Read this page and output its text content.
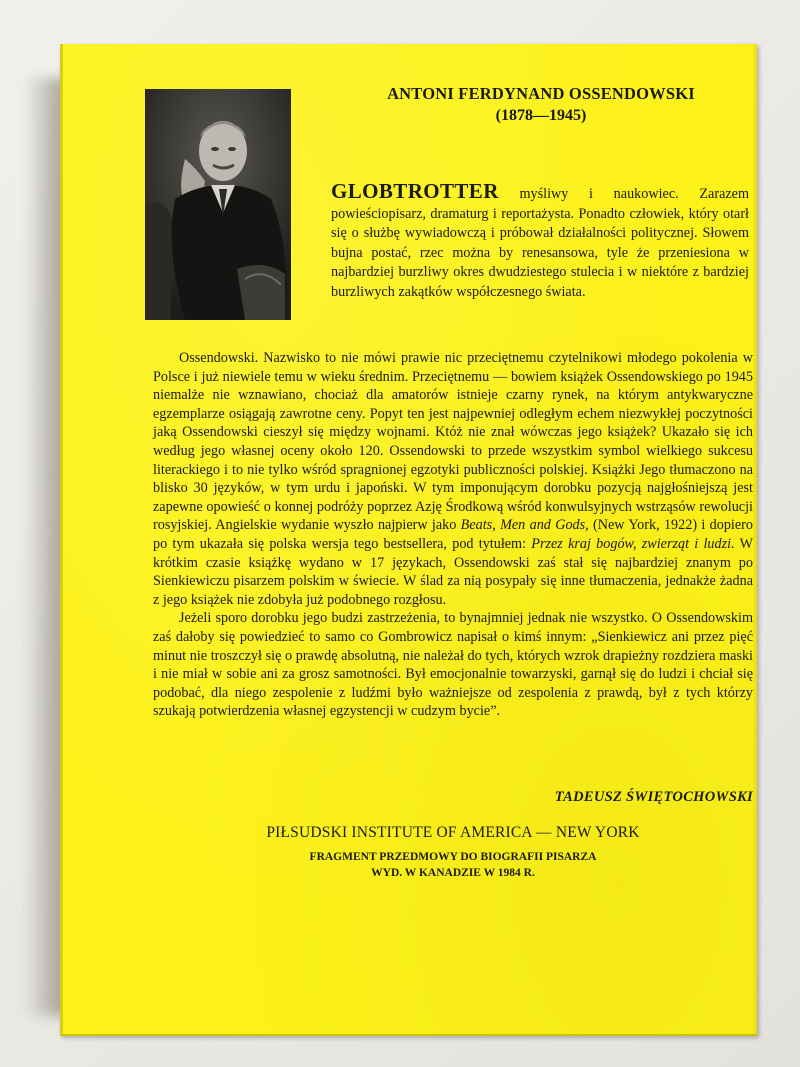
ANTONI FERDYNAND OSSENDOWSKI
(1878—1945)
GLOBTROTTER myśliwy i naukowiec. Zarazem powieściopisarz, dramaturg i reportażysta. Ponadto człowiek, który otarł się o służbę wywiadowczą i próbował działalności politycznej. Słowem bujna postać, rzec można by renesansowa, tyle że przeniesiona w najbardziej burzliwy okres dwudziestego stulecia i w niektóre z bardziej burzliwych zakątków współczesnego świata.

Ossendowski. Nazwisko to nie mówi prawie nic przeciętnemu czytelnikowi młodego pokolenia w Polsce i już niewiele temu w wieku średnim. Przeciętnemu — bowiem książek Ossendowskiego po 1945 niemalże nie wznawiano, chociaż dla amatorów istnieje czarny rynek, na którym antykwaryczne egzemplarze osiągają zawrotne ceny. Popyt ten jest najpewniej odległym echem niezwykłej poczytności jaką Ossendowski cieszył się między wojnami. Któż nie znał wówczas jego książek? Ukazało się ich według jego własnej oceny około 120. Ossendowski to przede wszystkim symbol wielkiego sukcesu literackiego i to nie tylko wśród spragnionej egzotyki publiczności polskiej. Książki Jego tłumaczono na blisko 30 języków, w tym urdu i japoński. W tym imponującym dorobku pozycją najgłośniejszą jest zapewne opowieść o konnej podróży poprzez Azję Środkową wśród konwulsyjnych wstrząsów rewolucji rosyjskiej. Angielskie wydanie wyszło najpierw jako Beats, Men and Gods, (New York, 1922) i dopiero po tym ukazała się polska wersja tego bestsellera, pod tytułem: Przez kraj bogów, zwierząt i ludzi. W krótkim czasie książkę wydano w 17 językach, Ossendowski zaś stał się najbardziej znanym po Sienkiewiczu pisarzem polskim w świecie. W ślad za nią posypały się inne tłumaczenia, jednakże żadna z jego książek nie zdobyła już podobnego rozgłosu.

Jeżeli sporo dorobku jego budzi zastrzeżenia, to bynajmniej jednak nie wszystko. O Ossendowskim zaś dałoby się powiedzieć to samo co Gombrowicz napisał o kimś innym: „Sienkiewicz ani przez pięć minut nie troszczył się o prawdę absolutną, nie należał do tych, których wzrok drapieżny rozdziera maski i nie miał w sobie ani za grosz samotności. Był emocjonalnie towarzyski, garnął się do ludzi i chciał się podobać, dla niego zespolenie z ludźmi było ważniejsze od zespolenia z prawdą, był z tych którzy szukają potwierdzenia własnej egzystencji w cudzym bycie”.

TADEUSZ ŚWIĘTOCHOWSKI
PIŁSUDSKI INSTITUTE OF AMERICA — NEW YORK
FRAGMENT PRZEDMOWY DO BIOGRAFII PISARZA
WYD. W KANADZIE W 1984 R.
